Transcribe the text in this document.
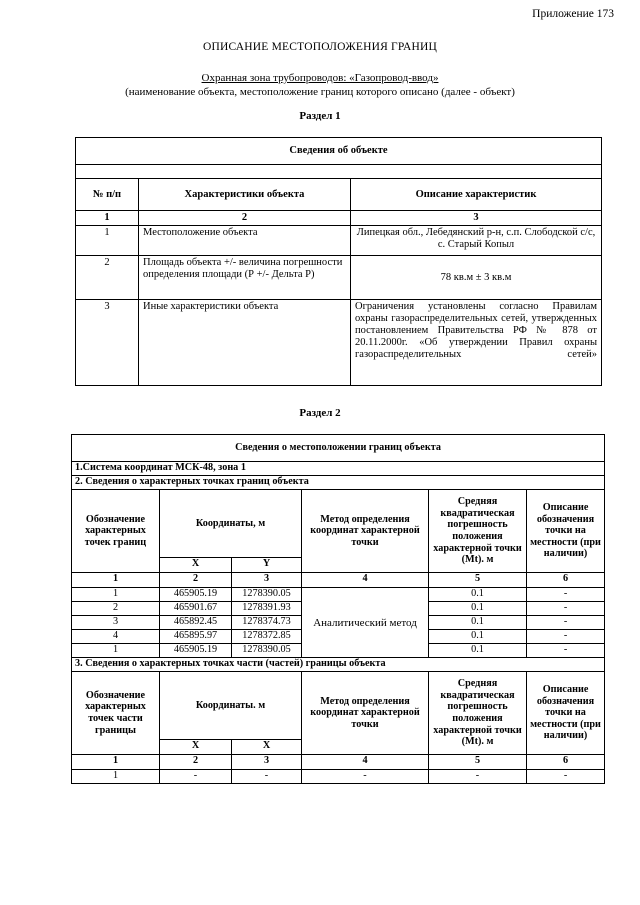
Приложение 173
ОПИСАНИЕ МЕСТОПОЛОЖЕНИЯ ГРАНИЦ
Охранная зона трубопроводов: «Газопровод-ввод»
(наименование объекта, местоположение границ которого описано (далее - объект)
Раздел 1
Сведения об объекте		

№ п/п	Характеристики объекта	Описание характеристик
1	2	3
1	Местоположение объекта	Липецкая обл., Лебедянский р-н, с.п. Слободской с/с, с. Старый Копыл
2	Площадь объекта +/- величина погрешности определения площади (Р +/- Дельта Р)	78 кв.м ± 3 кв.м
3	Иные характеристики объекта	Ограничения установлены согласно Правилам охраны газораспределительных сетей, утвержденных постановлением Правительства РФ № 878 от 20.11.2000г. «Об утверждении Правил охраны газораспределительных сетей»
Раздел 2
Сведения о местоположении границ объекта					
1.Система координат МСК-48, зона 1					
2. Сведения о характерных точках границ объекта					
Обозначение характерных точек границ	Координаты, м		Метод определения координат характерной точки	Средняя квадратическая погрешность положения характерной точки (Mt). м	Описание обозначения точки на местности (при наличии)
	X	Y			
1	2	3	4	5	6
1	465905.19	1278390.05	Аналитический метод	0.1	-
2	465901.67	1278391.93		0.1	-
3	465892.45	1278374.73		0.1	-
4	465895.97	1278372.85		0.1	-
1	465905.19	1278390.05		0.1	-
3. Сведения о характерных точках части (частей) границы объекта					
Обозначение характерных точек части границы	Координаты. м		Метод определения координат характерной точки	Средняя квадратическая погрешность положения характерной точки (Mt). м	Описание обозначения точки на местности (при наличии)
	X	X			
1	2	3	4	5	6
1	-	-	-	-	-
